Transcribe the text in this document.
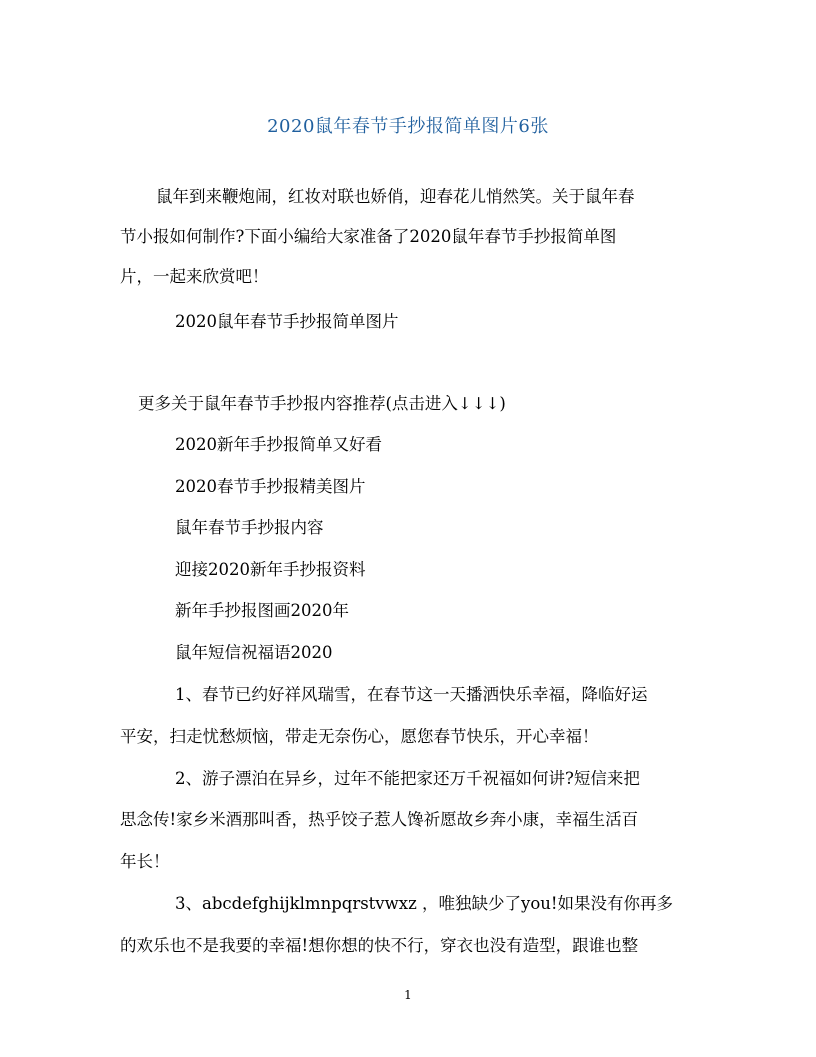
2020鼠年春节手抄报简单图片6张

鼠年到来鞭炮闹，红妆对联也娇俏，迎春花儿悄然笑。关于鼠年春

节小报如何制作?下面小编给大家准备了2020鼠年春节手抄报简单图

片，一起来欣赏吧！

2020鼠年春节手抄报简单图片

更多关于鼠年春节手抄报内容推荐(点击进入↓↓↓)

2020新年手抄报简单又好看

2020春节手抄报精美图片

鼠年春节手抄报内容

迎接2020新年手抄报资料

新年手抄报图画2020年

鼠年短信祝福语2020

1、春节已约好祥风瑞雪，在春节这一天播洒快乐幸福，降临好运

平安，扫走忧愁烦恼，带走无奈伤心，愿您春节快乐，开心幸福！

2、游子漂泊在异乡，过年不能把家还万千祝福如何讲?短信来把

思念传!家乡米酒那叫香，热乎饺子惹人馋祈愿故乡奔小康，幸福生活百

年长！

3、abcdefghijklmnpqrstvwxz ，唯独缺少了you!如果没有你再多

的欢乐也不是我要的幸福!想你想的快不行，穿衣也没有造型，跟谁也整

1
